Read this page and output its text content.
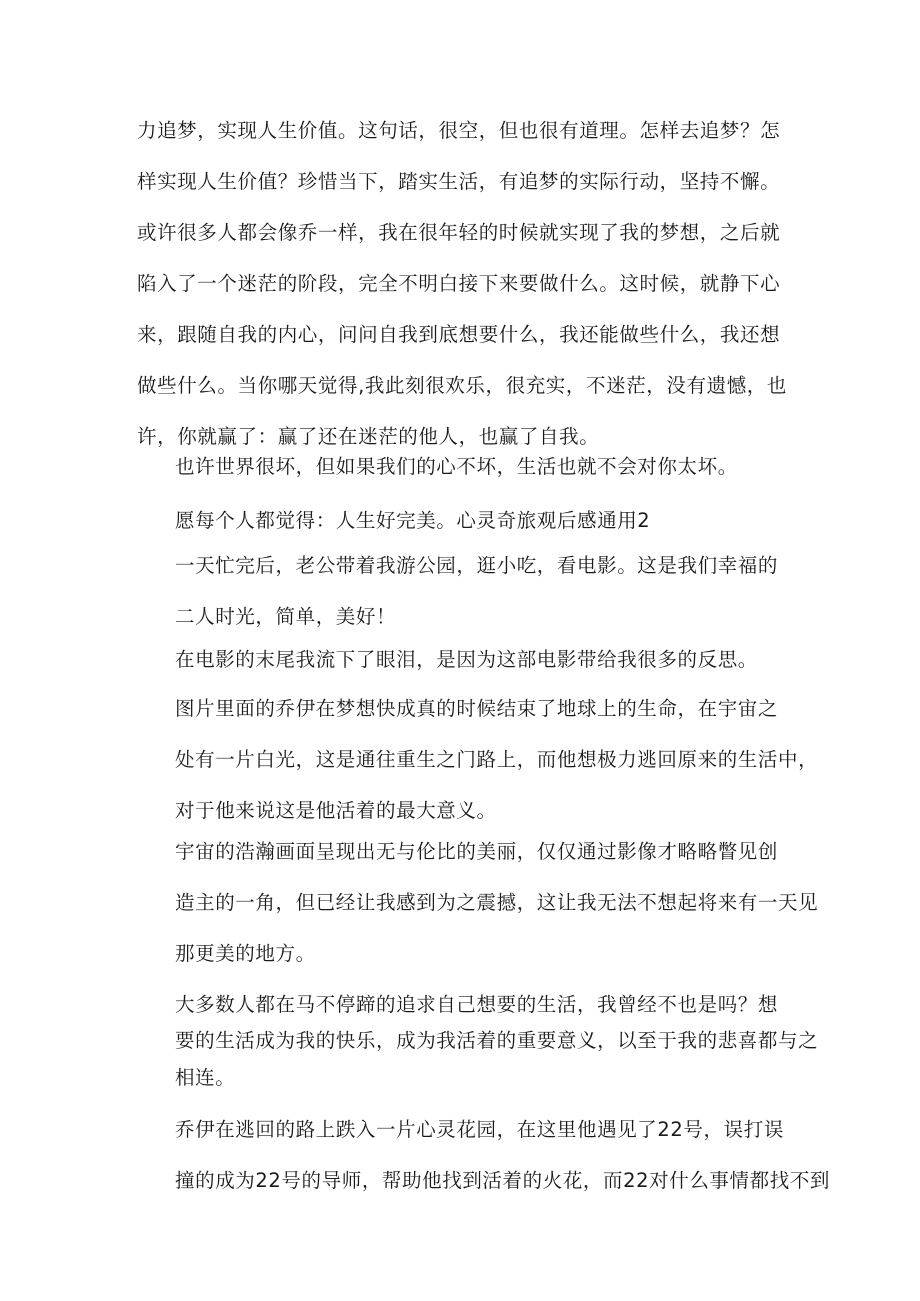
力追梦，实现人生价值。这句话，很空，但也很有道理。怎样去追梦？怎
样实现人生价值？珍惜当下，踏实生活，有追梦的实际行动，坚持不懈。
或许很多人都会像乔一样，我在很年轻的时候就实现了我的梦想，之后就
陷入了一个迷茫的阶段，完全不明白接下来要做什么。这时候，就静下心
来，跟随自我的内心，问问自我到底想要什么，我还能做些什么，我还想
做些什么。当你哪天觉得,我此刻很欢乐，很充实，不迷茫，没有遗憾，也
许，你就赢了：赢了还在迷茫的他人，也赢了自我。

也许世界很坏，但如果我们的心不坏，生活也就不会对你太坏。

愿每个人都觉得：人生好完美。心灵奇旅观后感通用2

一天忙完后，老公带着我游公园，逛小吃，看电影。这是我们幸福的
二人时光，简单，美好！

在电影的末尾我流下了眼泪，是因为这部电影带给我很多的反思。

图片里面的乔伊在梦想快成真的时候结束了地球上的生命，在宇宙之
处有一片白光，这是通往重生之门路上，而他想极力逃回原来的生活中，
对于他来说这是他活着的最大意义。

宇宙的浩瀚画面呈现出无与伦比的美丽，仅仅通过影像才略略瞥见创
造主的一角，但已经让我感到为之震撼，这让我无法不想起将来有一天见
那更美的地方。

大多数人都在马不停蹄的追求自己想要的生活，我曾经不也是吗？想
要的生活成为我的快乐，成为我活着的重要意义，以至于我的悲喜都与之
相连。

乔伊在逃回的路上跌入一片心灵花园，在这里他遇见了22号，误打误
撞的成为22号的导师，帮助他找到活着的火花，而22对什么事情都找不到
